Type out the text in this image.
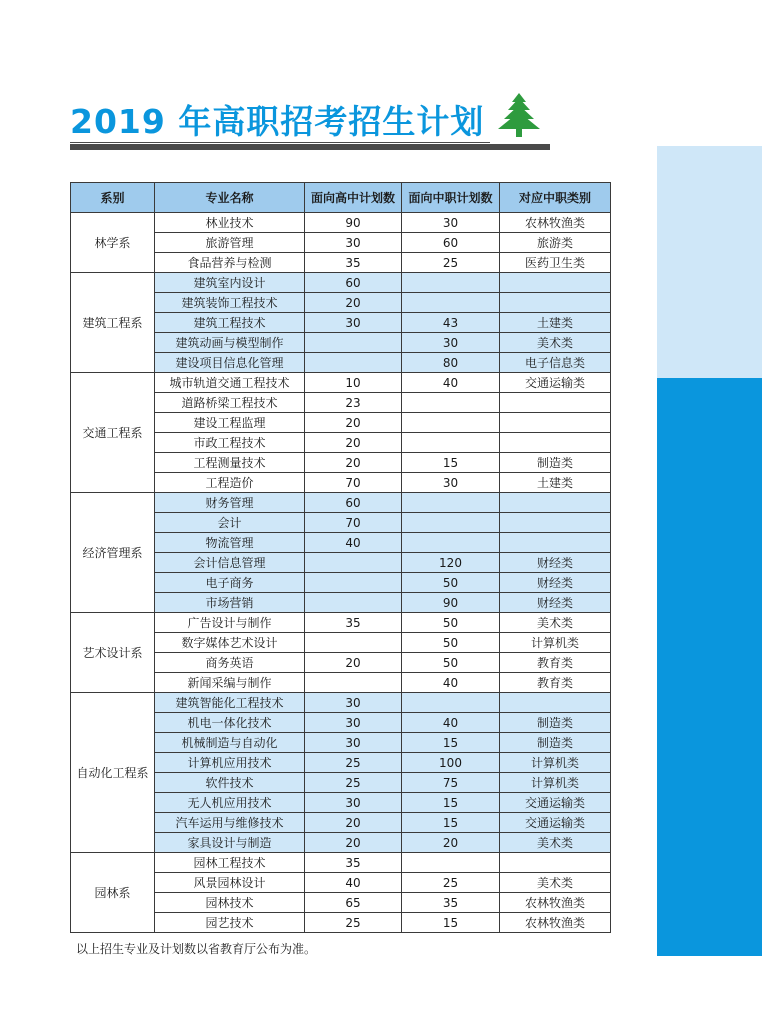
2019 年高职招考招生计划
系别	专业名称	面向高中计划数	面向中职计划数	对应中职类别
林学系	林业技术	90	30	农林牧渔类
	旅游管理	30	60	旅游类
	食品营养与检测	35	25	医药卫生类
建筑工程系	建筑室内设计	60		
	建筑装饰工程技术	20		
	建筑工程技术	30	43	土建类
	建筑动画与模型制作		30	美术类
	建设项目信息化管理		80	电子信息类
交通工程系	城市轨道交通工程技术	10	40	交通运输类
	道路桥梁工程技术	23		
	建设工程监理	20		
	市政工程技术	20		
	工程测量技术	20	15	制造类
	工程造价	70	30	土建类
经济管理系	财务管理	60		
	会计	70		
	物流管理	40		
	会计信息管理		120	财经类
	电子商务		50	财经类
	市场营销		90	财经类
艺术设计系	广告设计与制作	35	50	美术类
	数字媒体艺术设计		50	计算机类
	商务英语	20	50	教育类
	新闻采编与制作		40	教育类
自动化工程系	建筑智能化工程技术	30		
	机电一体化技术	30	40	制造类
	机械制造与自动化	30	15	制造类
	计算机应用技术	25	100	计算机类
	软件技术	25	75	计算机类
	无人机应用技术	30	15	交通运输类
	汽车运用与维修技术	20	15	交通运输类
	家具设计与制造	20	20	美术类
园林系	园林工程技术	35		
	风景园林设计	40	25	美术类
	园林技术	65	35	农林牧渔类
	园艺技术	25	15	农林牧渔类
以上招生专业及计划数以省教育厅公布为准。
